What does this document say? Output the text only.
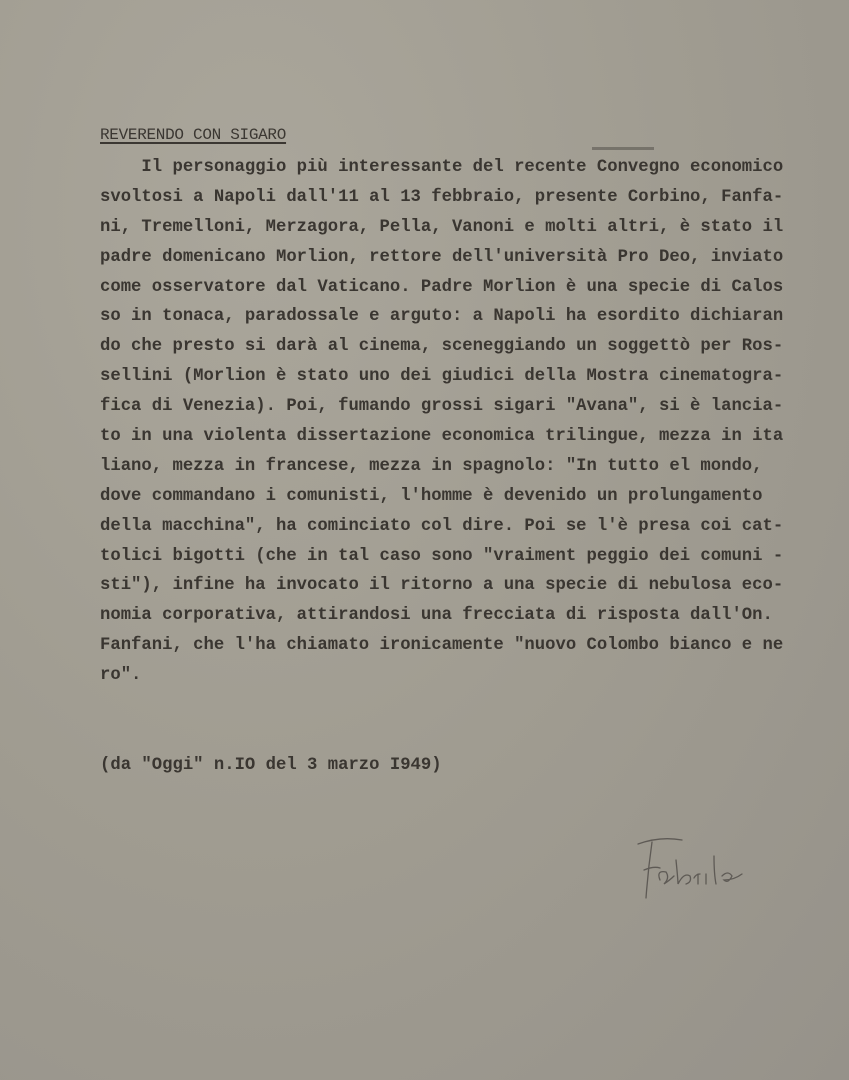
REVERENDO CON SIGARO
Il personaggio più interessante del recente Convegno economico
svoltosi a Napoli dall'11 al 13 febbraio, presente Corbino, Fanfa-
ni, Tremelloni, Merzagora, Pella, Vanoni e molti altri, è stato il
padre domenicano Morlion, rettore dell'università Pro Deo, inviato
come osservatore dal Vaticano. Padre Morlion è una specie di Calos
so in tonaca, paradossale e arguto: a Napoli ha esordito dichiaran
do che presto si darà al cinema, sceneggiando un soggettò per Ros-
sellini (Morlion è stato uno dei giudici della Mostra cinematogra-
fica di Venezia). Poi, fumando grossi sigari "Avana", si è lancia-
to in una violenta dissertazione economica trilingue, mezza in ita
liano, mezza in francese, mezza in spagnolo: "In tutto el mondo,
dove commandano i comunisti, l'homme è devenido un prolungamento
della macchina", ha cominciato col dire. Poi se l'è presa coi cat-
tolici bigotti (che in tal caso sono "vraiment peggio dei comuni -
sti"), infine ha invocato il ritorno a una specie di nebulosa eco-
nomia corporativa, attirandosi una frecciata di risposta dall'On.
Fanfani, che l'ha chiamato ironicamente "nuovo Colombo bianco e ne
ro".
(da "Oggi" n.IO del 3 marzo I949)
